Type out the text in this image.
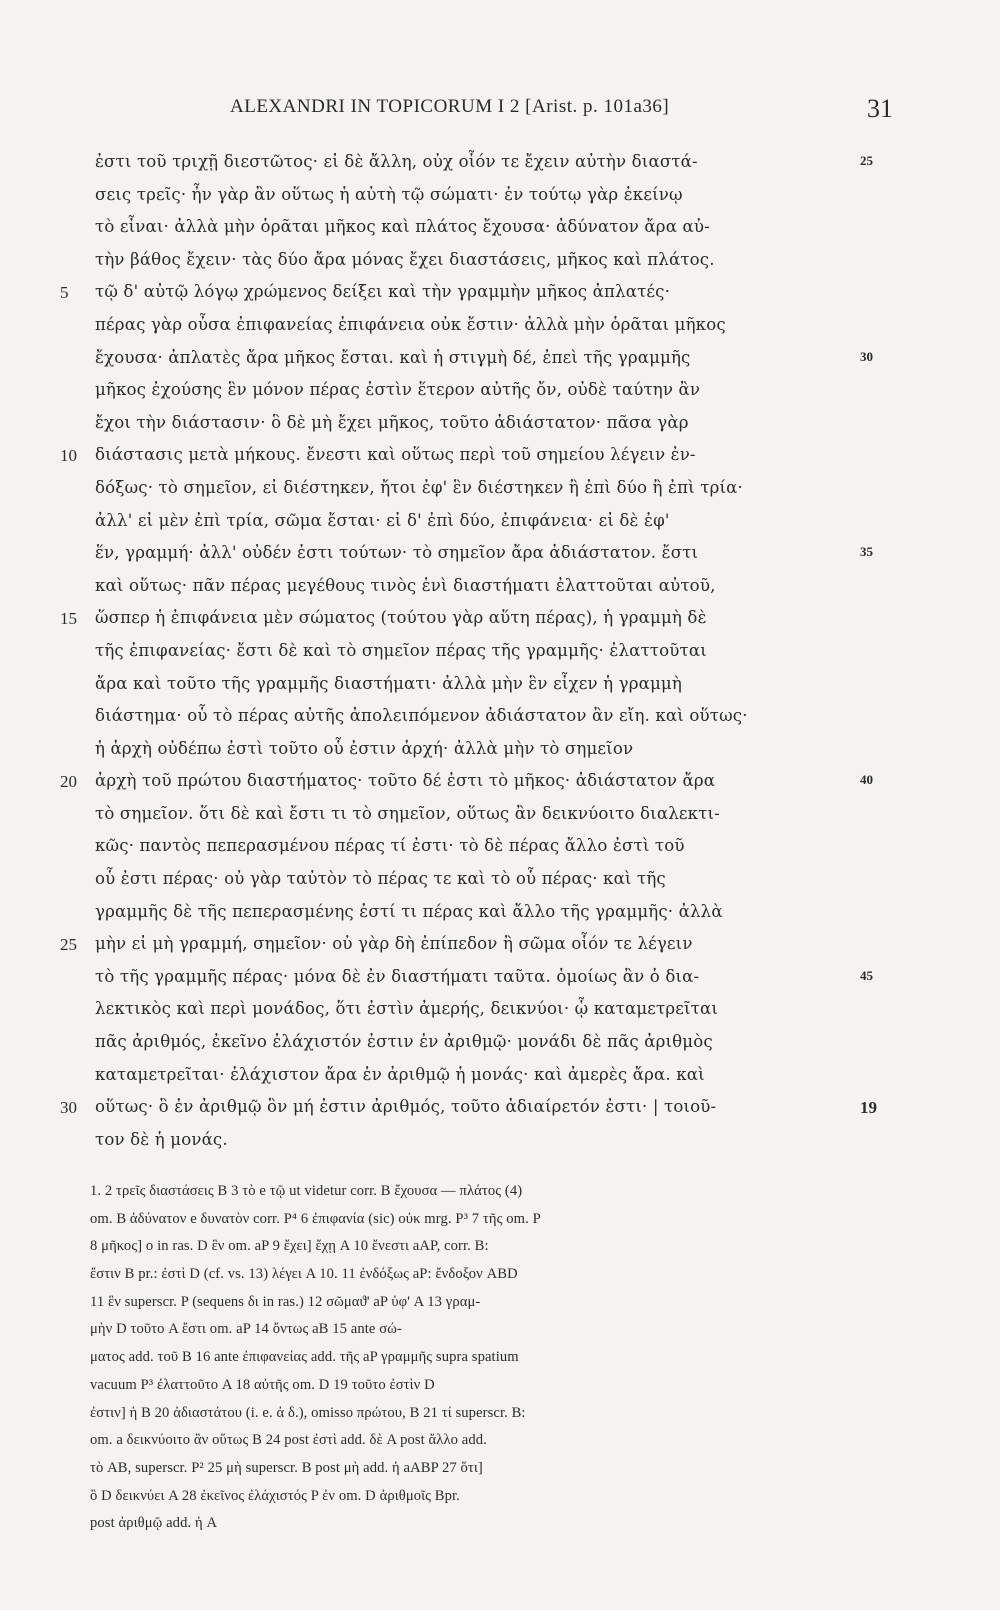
ALEXANDRI IN TOPICORUM I 2 [Arist. p. 101a36]	31
ἐστι τοῦ τριχῇ διεστῶτος· εἰ δὲ ἄλλη, οὐχ οἷόν τε ἔχειν αὐτὴν διαστά-	25
σεις τρεῖς· ἦν γὰρ ἂν οὕτως ἡ αὐτὴ τῷ σώματι· ἐν τούτῳ γὰρ ἐκείνῳ
τὸ εἶναι· ἀλλὰ μὴν ὁρᾶται μῆκος καὶ πλάτος ἔχουσα· ἀδύνατον ἄρα αὐ-
τὴν βάθος ἔχειν· τὰς δύο ἄρα μόνας ἔχει διαστάσεις, μῆκος καὶ πλάτος.
5	τῷ δ' αὐτῷ λόγῳ χρώμενος δείξει καὶ τὴν γραμμὴν μῆκος ἀπλατές·
πέρας γὰρ οὖσα ἐπιφανείας ἐπιφάνεια οὐκ ἔστιν· ἀλλὰ μὴν ὁρᾶται μῆκος
ἔχουσα· ἀπλατὲς ἄρα μῆκος ἔσται. καὶ ἡ στιγμὴ δέ, ἐπεὶ τῆς γραμμῆς	30
μῆκος ἐχούσης ἓν μόνον πέρας ἐστὶν ἕτερον αὐτῆς ὄν, οὐδὲ ταύτην ἂν
ἔχοι τὴν διάστασιν· ὃ δὲ μὴ ἔχει μῆκος, τοῦτο ἀδιάστατον· πᾶσα γὰρ
10	διάστασις μετὰ μήκους. ἔνεστι καὶ οὕτως περὶ τοῦ σημείου λέγειν ἐν-
δόξως· τὸ σημεῖον, εἰ διέστηκεν, ἤτοι ἐφ' ἓν διέστηκεν ἢ ἐπὶ δύο ἢ ἐπὶ τρία·
ἀλλ' εἰ μὲν ἐπὶ τρία, σῶμα ἔσται· εἰ δ' ἐπὶ δύο, ἐπιφάνεια· εἰ δὲ ἐφ'
ἕν, γραμμή· ἀλλ' οὐδέν ἐστι τούτων· τὸ σημεῖον ἄρα ἀδιάστατον. ἔστι	35
καὶ οὕτως· πᾶν πέρας μεγέθους τινὸς ἑνὶ διαστήματι ἐλαττοῦται αὐτοῦ,
15	ὥσπερ ἡ ἐπιφάνεια μὲν σώματος (τούτου γὰρ αὕτη πέρας), ἡ γραμμὴ δὲ
τῆς ἐπιφανείας· ἔστι δὲ καὶ τὸ σημεῖον πέρας τῆς γραμμῆς· ἐλαττοῦται
ἄρα καὶ τοῦτο τῆς γραμμῆς διαστήματι· ἀλλὰ μὴν ἓν εἶχεν ἡ γραμμὴ
διάστημα· οὗ τὸ πέρας αὐτῆς ἀπολειπόμενον ἀδιάστατον ἂν εἴη. καὶ οὕτως·
ἡ ἀρχὴ οὐδέπω ἐστὶ τοῦτο οὗ ἐστιν ἀρχή· ἀλλὰ μὴν τὸ σημεῖον
20	ἀρχὴ τοῦ πρώτου διαστήματος· τοῦτο δέ ἐστι τὸ μῆκος· ἀδιάστατον ἄρα	40
τὸ σημεῖον. ὅτι δὲ καὶ ἔστι τι τὸ σημεῖον, οὕτως ἂν δεικνύοιτο διαλεκτι-
κῶς· παντὸς πεπερασμένου πέρας τί ἐστι· τὸ δὲ πέρας ἄλλο ἐστὶ τοῦ
οὗ ἐστι πέρας· οὐ γὰρ ταὐτὸν τὸ πέρας τε καὶ τὸ οὗ πέρας· καὶ τῆς
γραμμῆς δὲ τῆς πεπερασμένης ἐστί τι πέρας καὶ ἄλλο τῆς γραμμῆς· ἀλλὰ
25	μὴν εἰ μὴ γραμμή, σημεῖον· οὐ γὰρ δὴ ἐπίπεδον ἢ σῶμα οἷόν τε λέγειν
τὸ τῆς γραμμῆς πέρας· μόνα δὲ ἐν διαστήματι ταῦτα. ὁμοίως ἂν ὁ δια-	45
λεκτικὸς καὶ περὶ μονάδος, ὅτι ἐστὶν ἀμερής, δεικνύοι· ᾧ καταμετρεῖται
πᾶς ἀριθμός, ἐκεῖνο ἐλάχιστόν ἐστιν ἐν ἀριθμῷ· μονάδι δὲ πᾶς ἀριθμὸς
καταμετρεῖται· ἐλάχιστον ἄρα ἐν ἀριθμῷ ἡ μονάς· καὶ ἀμερὲς ἄρα. καὶ
30	οὕτως· ὃ ἐν ἀριθμῷ ὂν μή ἐστιν ἀριθμός, τοῦτο ἀδιαίρετόν ἐστι· | τοιοῦ-	19
τον δὲ ἡ μονάς.
1. 2 τρεῖς διαστάσεις B 3 τὸ e τῷ ut videtur corr. B ἔχουσα — πλάτος (4)
om. B ἀδύνατον e δυνατὸν corr. P⁴ 6 ἐπιφανία (sic) οὐκ mrg. P³ 7 τῆς om. P
8 μῆκος] o in ras. D ἓν om. aP 9 ἔχει] ἔχῃ A 10 ἔνεστι aAP, corr. B:
ἔστιν B pr.: ἐστὶ D (cf. vs. 13) λέγει A 10. 11 ἐνδόξως aP: ἔνδοξον ABD
11 ἓν superscr. P (sequens δι in ras.) 12 σῶμαϑ' aP ὑφ' A 13 γραμ-
μὴν D τοῦτο A ἔστι om. aP 14 ὄντως aB 15 ante σώ-
ματος add. τοῦ B 16 ante ἐπιφανείας add. τῆς aP γραμμῆς supra spatium
vacuum P³ ἐλαττοῦτο A 18 αὐτῆς om. D 19 τοῦτο ἐστὶν D
ἐστιν] ἡ B 20 ἀδιαστάτου (i. e. ἀ δ.), omisso πρώτου, B 21 τί superscr. B:
om. a δεικνύοιτο ἂν οὕτως B 24 post ἐστὶ add. δὲ A post ἄλλο add.
τὸ AB, superscr. P² 25 μὴ superscr. B post μὴ add. ἡ aABP 27 ὅτι]
ὃ D δεικνύει A 28 ἐκεῖνος ἐλάχιστός P ἐν om. D ἀριθμοῖς Bpr.
post ἀριθμῷ add. ἡ A
